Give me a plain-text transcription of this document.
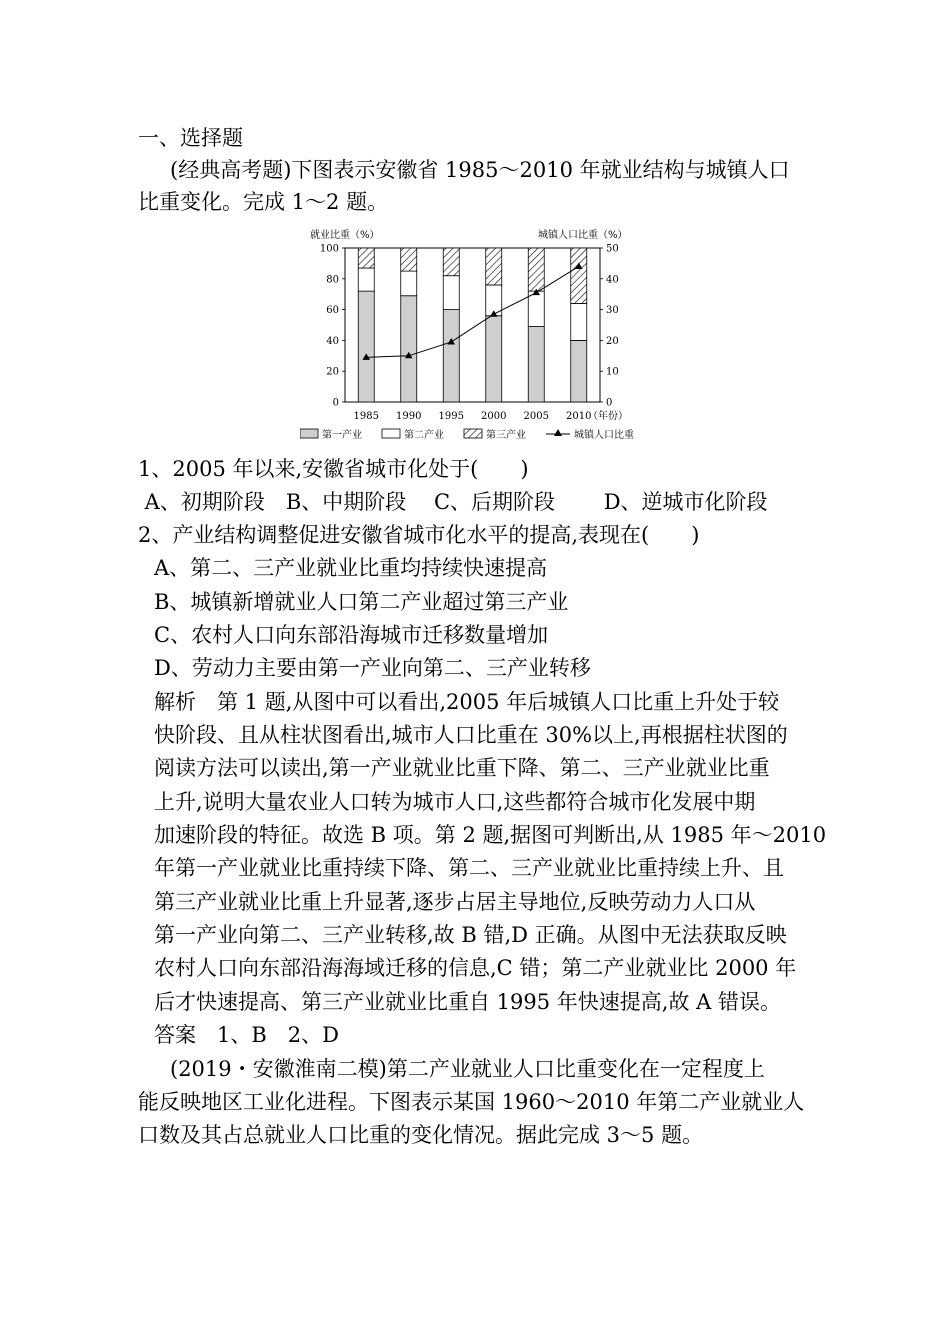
一、选择题
(经典高考题)下图表示安徽省 1985～2010 年就业结构与城镇人口
比重变化。完成 1～2 题。
就业比重（%）	城镇人口比重（%）
0
20
40
60
80
100
0
10
20
30
40
50
1985 1990 1995 2000 2005 2010
（年份）
第一产业	第二产业	第三产业	城镇人口比重
1、2005 年以来,安徽省城市化处于(　　)
A、初期阶段　B、中期阶段　 C、后期阶段　　 D、逆城市化阶段
2、产业结构调整促进安徽省城市化水平的提高,表现在(　　)
A、第二、三产业就业比重均持续快速提高
B、城镇新增就业人口第二产业超过第三产业
C、农村人口向东部沿海城市迁移数量增加
D、劳动力主要由第一产业向第二、三产业转移
解析　第 1 题,从图中可以看出,2005 年后城镇人口比重上升处于较
快阶段、且从柱状图看出,城市人口比重在 30%以上,再根据柱状图的
阅读方法可以读出,第一产业就业比重下降、第二、三产业就业比重
上升,说明大量农业人口转为城市人口,这些都符合城市化发展中期
加速阶段的特征。故选 B 项。第 2 题,据图可判断出,从 1985 年～2010
年第一产业就业比重持续下降、第二、三产业就业比重持续上升、且
第三产业就业比重上升显著,逐步占居主导地位,反映劳动力人口从
第一产业向第二、三产业转移,故 B 错,D 正确。从图中无法获取反映
农村人口向东部沿海海域迁移的信息,C 错；第二产业就业比 2000 年
后才快速提高、第三产业就业比重自 1995 年快速提高,故 A 错误。
答案　1、B　2、D
(2019・安徽淮南二模)第二产业就业人口比重变化在一定程度上
能反映地区工业化进程。下图表示某国 1960～2010 年第二产业就业人
口数及其占总就业人口比重的变化情况。据此完成 3～5 题。
